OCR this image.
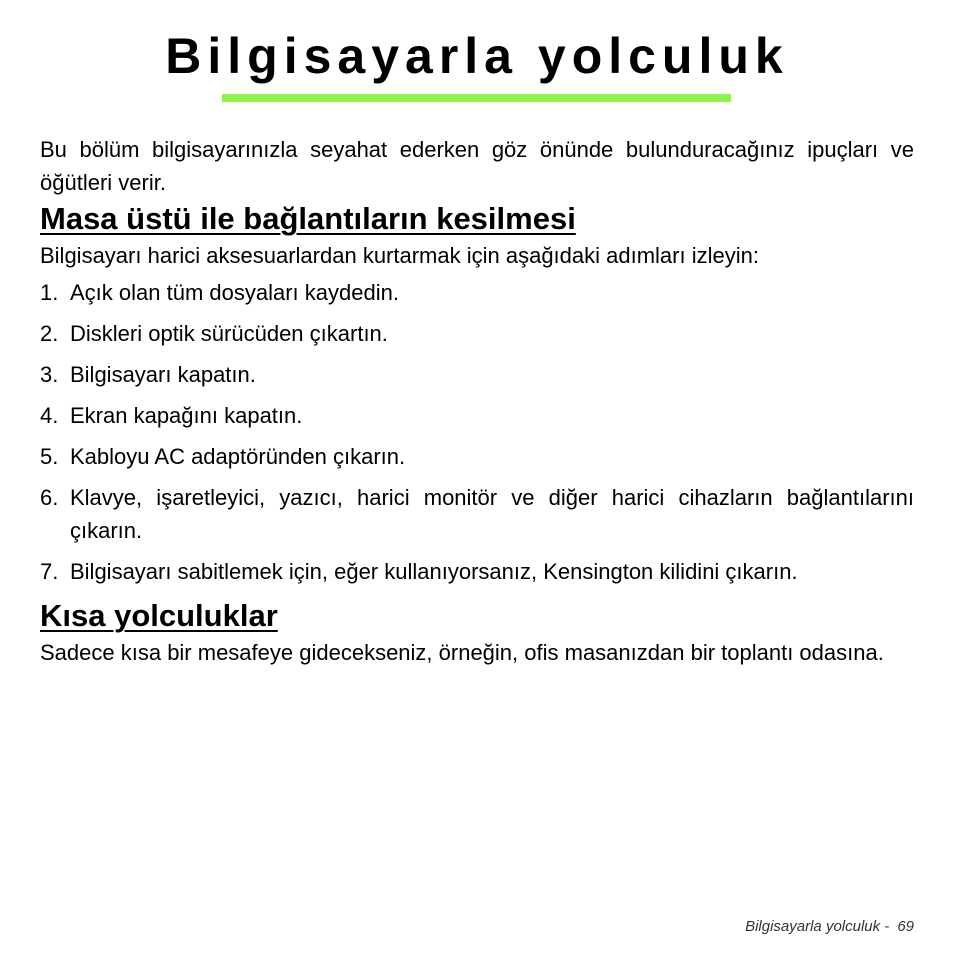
Bilgisayarla yolculuk

Bu bölüm bilgisayarınızla seyahat ederken göz önünde bulunduracağınız ipuçları ve öğütleri verir.

Masa üstü ile bağlantıların kesilmesi

Bilgisayarı harici aksesuarlardan kurtarmak için aşağıdaki adımları izleyin:

1. Açık olan tüm dosyaları kaydedin.
2. Diskleri optik sürücüden çıkartın.
3. Bilgisayarı kapatın.
4. Ekran kapağını kapatın.
5. Kabloyu AC adaptöründen çıkarın.
6. Klavye, işaretleyici, yazıcı, harici monitör ve diğer harici cihazların bağlantılarını çıkarın.
7. Bilgisayarı sabitlemek için, eğer kullanıyorsanız, Kensington kilidini çıkarın.
Kısa yolculuklar

Sadece kısa bir mesafeye gidecekseniz, örneğin, ofis masanızdan bir toplantı odasına.

Bilgisayarla yolculuk - 69
